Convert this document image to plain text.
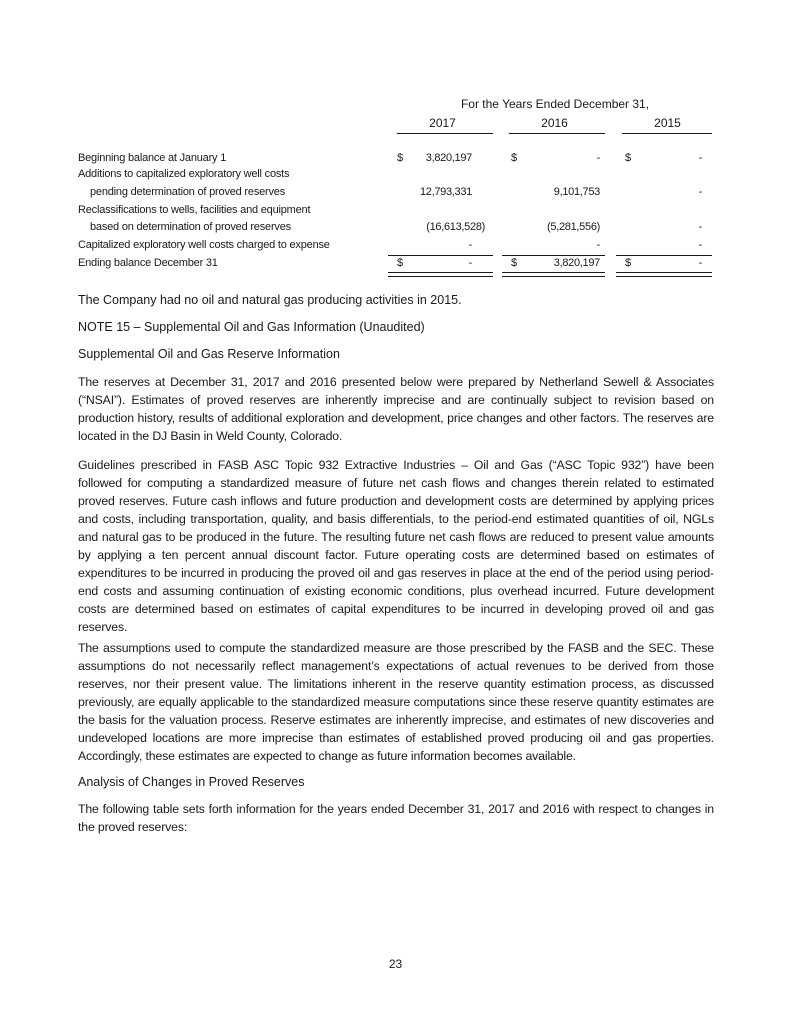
For the Years Ended December 31,
2017	2016	2015
Beginning balance at January 1	$	3,820,197	$	- $	-
Additions to capitalized exploratory well costs
pending determination of proved reserves	12,793,331	9,101,753	-
Reclassifications to wells, facilities and equipment
based on determination of proved reserves	(16,613,528)	(5,281,556)	-
Capitalized exploratory well costs charged to expense	-	-	-
Ending balance December 31	$	-	$	3,820,197 $	-

The Company had no oil and natural gas producing activities in 2015.

NOTE 15 – Supplemental Oil and Gas Information (Unaudited)

Supplemental Oil and Gas Reserve Information

The reserves at December 31, 2017 and 2016 presented below were prepared by Netherland Sewell & Associates (“NSAI”). Estimates of proved reserves are inherently imprecise and are continually subject to revision based on production history, results of additional exploration and development, price changes and other factors. The reserves are located in the DJ Basin in Weld County, Colorado.

Guidelines prescribed in FASB ASC Topic 932 Extractive Industries – Oil and Gas (“ASC Topic 932”) have been followed for computing a standardized measure of future net cash flows and changes therein related to estimated proved reserves. Future cash inflows and future production and development costs are determined by applying prices and costs, including transportation, quality, and basis differentials, to the period-end estimated quantities of oil, NGLs and natural gas to be produced in the future. The resulting future net cash flows are reduced to present value amounts by applying a ten percent annual discount factor. Future operating costs are determined based on estimates of expenditures to be incurred in producing the proved oil and gas reserves in place at the end of the period using period-end costs and assuming continuation of existing economic conditions, plus overhead incurred. Future development costs are determined based on estimates of capital expenditures to be incurred in developing proved oil and gas reserves.

The assumptions used to compute the standardized measure are those prescribed by the FASB and the SEC. These assumptions do not necessarily reflect management’s expectations of actual revenues to be derived from those reserves, nor their present value. The limitations inherent in the reserve quantity estimation process, as discussed previously, are equally applicable to the standardized measure computations since these reserve quantity estimates are the basis for the valuation process. Reserve estimates are inherently imprecise, and estimates of new discoveries and undeveloped locations are more imprecise than estimates of established proved producing oil and gas properties. Accordingly, these estimates are expected to change as future information becomes available.

Analysis of Changes in Proved Reserves

The following table sets forth information for the years ended December 31, 2017 and 2016 with respect to changes in the proved reserves:

23
